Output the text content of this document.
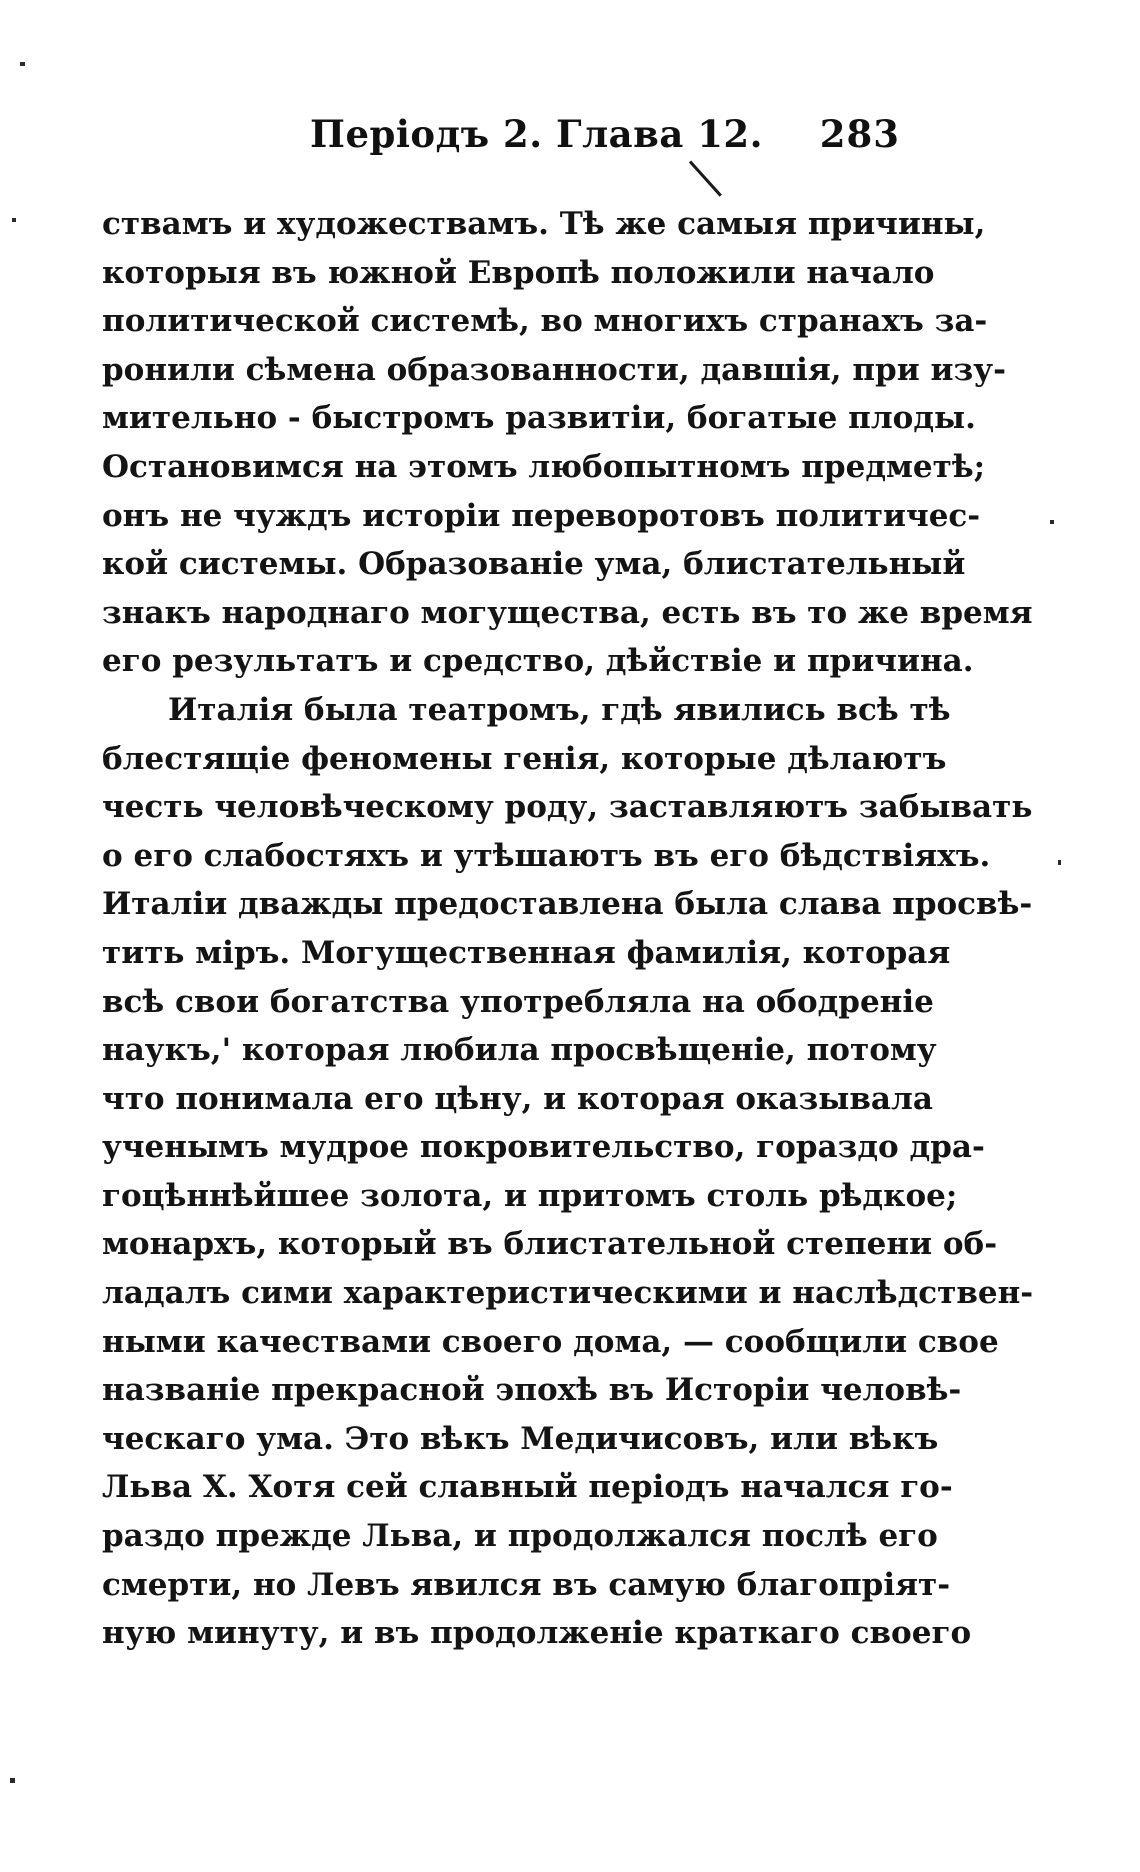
Періодъ 2. Глава 12. 283
ствамъ и художествамъ. Тѣ же самыя причины,
которыя въ южной Европѣ положили начало
политической системѣ, во многихъ странахъ за-
ронили сѣмена образованности, давшія, при изу-
мительно - быстромъ развитіи, богатые плоды.
Остановимся на этомъ любопытномъ предметѣ;
онъ не чуждъ исторіи переворотовъ политичес-
кой системы. Образованіе ума, блистательный
знакъ народнаго могущества, есть въ то же время
его результатъ и средство, дѣйствіе и причина.
Италія была театромъ, гдѣ явились всѣ тѣ
блестящіе феномены генія, которые дѣлаютъ
честь человѣческому роду, заставляютъ забывать
о его слабостяхъ и утѣшаютъ въ его бѣдствіяхъ.
Италіи дважды предоставлена была слава просвѣ-
тить міръ. Могущественная фамилія, которая
всѣ свои богатства употребляла на ободреніе
наукъ,' которая любила просвѣщеніе, потому
что понимала его цѣну, и которая оказывала
ученымъ мудрое покровительство, гораздо дра-
гоцѣннѣйшее золота, и притомъ столь рѣдкое;
монархъ, который въ блистательной степени об-
ладалъ сими характеристическими и наслѣдствен-
ными качествами своего дома, — сообщили свое
названіе прекрасной эпохѣ въ Исторіи человѣ-
ческаго ума. Это вѣкъ Медичисовъ, или вѣкъ
Льва X. Хотя сей славный періодъ начался го-
раздо прежде Льва, и продолжался послѣ его
смерти, но Левъ явился въ самую благопріят-
ную минуту, и въ продолженіе краткаго своего
